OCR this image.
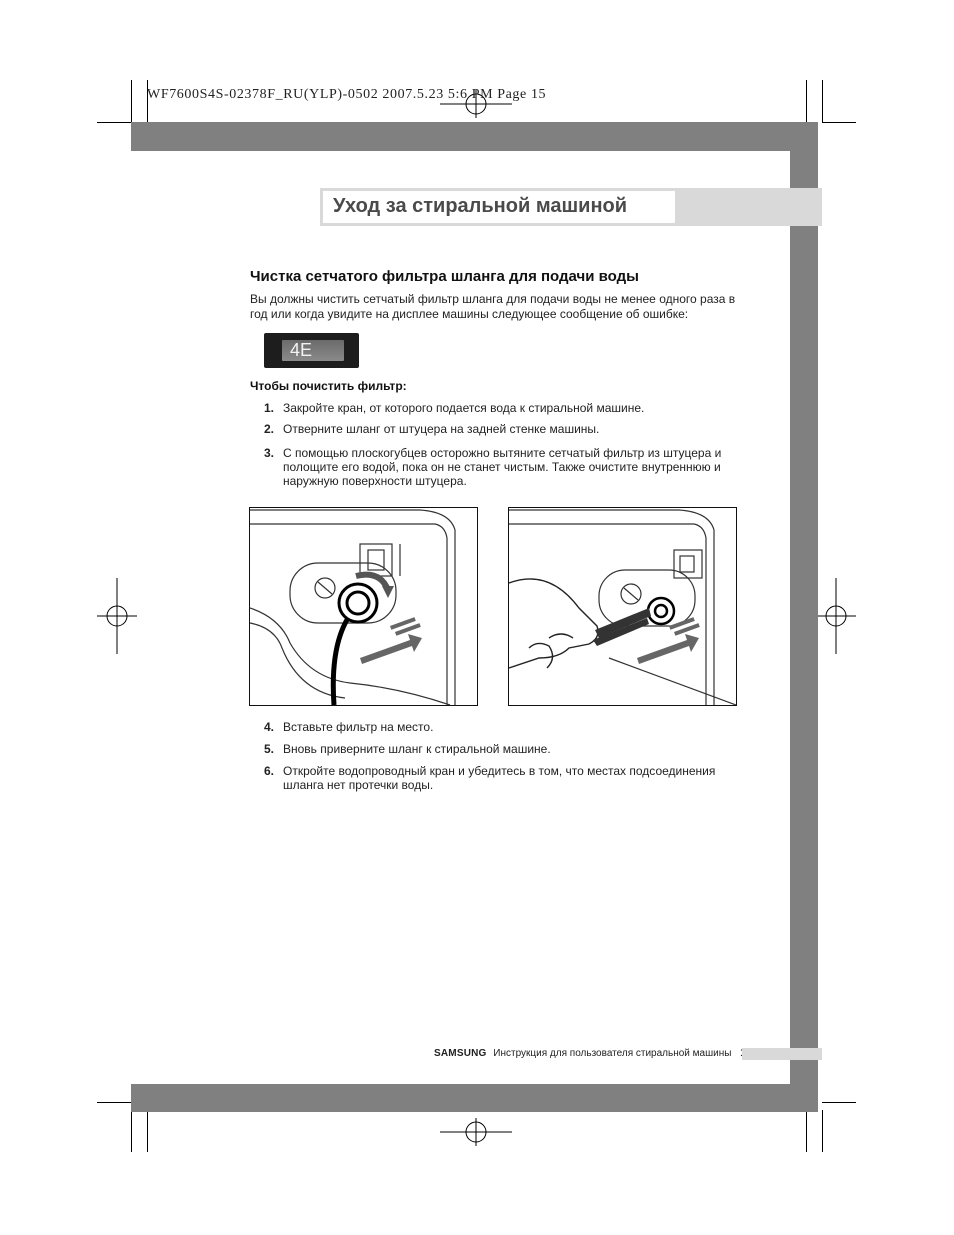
WF7600S4S-02378F_RU(YLP)-0502 2007.5.23 5:6 PM Page 15
Уход за стиральной машиной
Чистка сетчатого фильтра шланга для подачи воды
Вы должны чистить сетчатый фильтр шланга для подачи воды не менее одного раза в год или когда увидите на дисплее машины следующее сообщение об ошибке:
4E
Чтобы почистить фильтр:
1. Закройте кран, от которого подается вода к стиральной машине.
2. Отверните шланг от штуцера на задней стенке машины.
3. С помощью плоскогубцев осторожно вытяните сетчатый фильтр из штуцера и полощите его водой, пока он не станет чистым. Также очистите внутреннюю и наружную поверхности штуцера.
4. Вставьте фильтр на место.
5. Вновь приверните шланг к стиральной машине.
6. Откройте водопроводный кран и убедитесь в том, что местах подсоединения шланга нет протечки воды.
SAMSUNG Инструкция для пользователя стиральной машины
